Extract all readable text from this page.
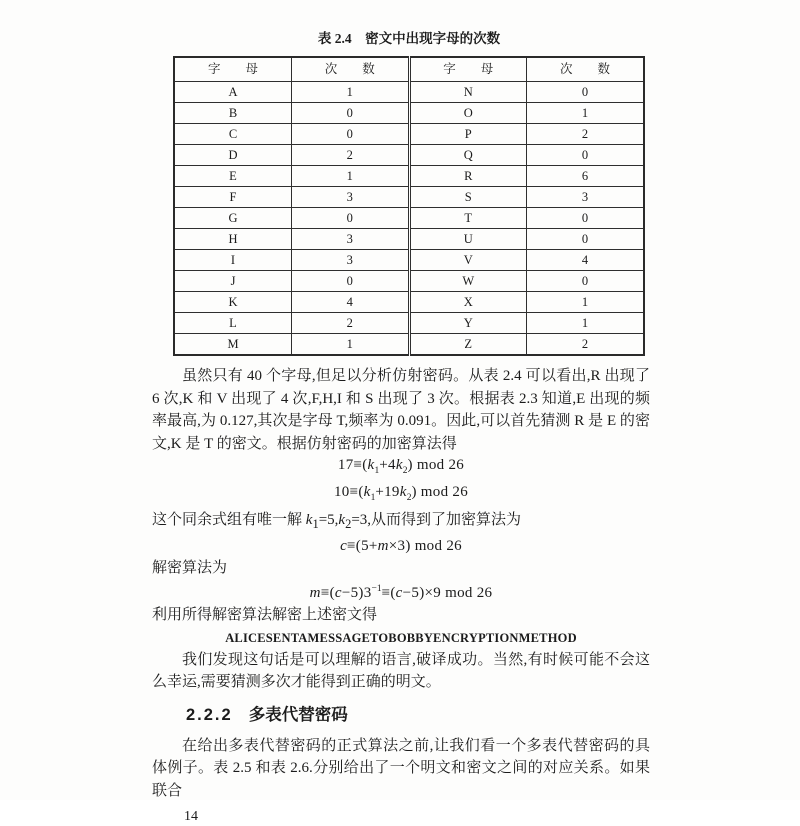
表 2.4　密文中出现字母的次数
字　　母	次　　数	字　　母	次　　数
A	1	N	0
B	0	O	1
C	0	P	2
D	2	Q	0
E	1	R	6
F	3	S	3
G	0	T	0
H	3	U	0
I	3	V	4
J	0	W	0
K	4	X	1
L	2	Y	1
M	1	Z	2

虽然只有 40 个字母,但足以分析仿射密码。从表 2.4 可以看出,R 出现了 6 次,K 和 V 出现了 4 次,F,H,I 和 S 出现了 3 次。根据表 2.3 知道,E 出现的频率最高,为 0.127,其次是字母 T,频率为 0.091。因此,可以首先猜测 R 是 E 的密文,K 是 T 的密文。根据仿射密码的加密算法得

$17\equiv(k_1+4k_2)$ mod 26
$10\equiv(k_1+19k_2)$ mod 26

这个同余式组有唯一解 $k_1=5,k_2=3$,从而得到了加密算法为

c≡(5+m×3) mod 26

解密算法为

$m\equiv(c-5)3^{-1}\equiv(c-5)\times 9$ mod 26

利用所得解密算法解密上述密文得

ALICESENTAMESSAGETOBOBBYENCRYPTIONMETHOD

我们发现这句话是可以理解的语言,破译成功。当然,有时候可能不会这么幸运,需要猜测多次才能得到正确的明文。

2.2.2 多表代替密码

在给出多表代替密码的正式算法之前,让我们看一个多表代替密码的具体例子。表 2.5 和表 2.6.分别给出了一个明文和密文之间的对应关系。如果联合

14
